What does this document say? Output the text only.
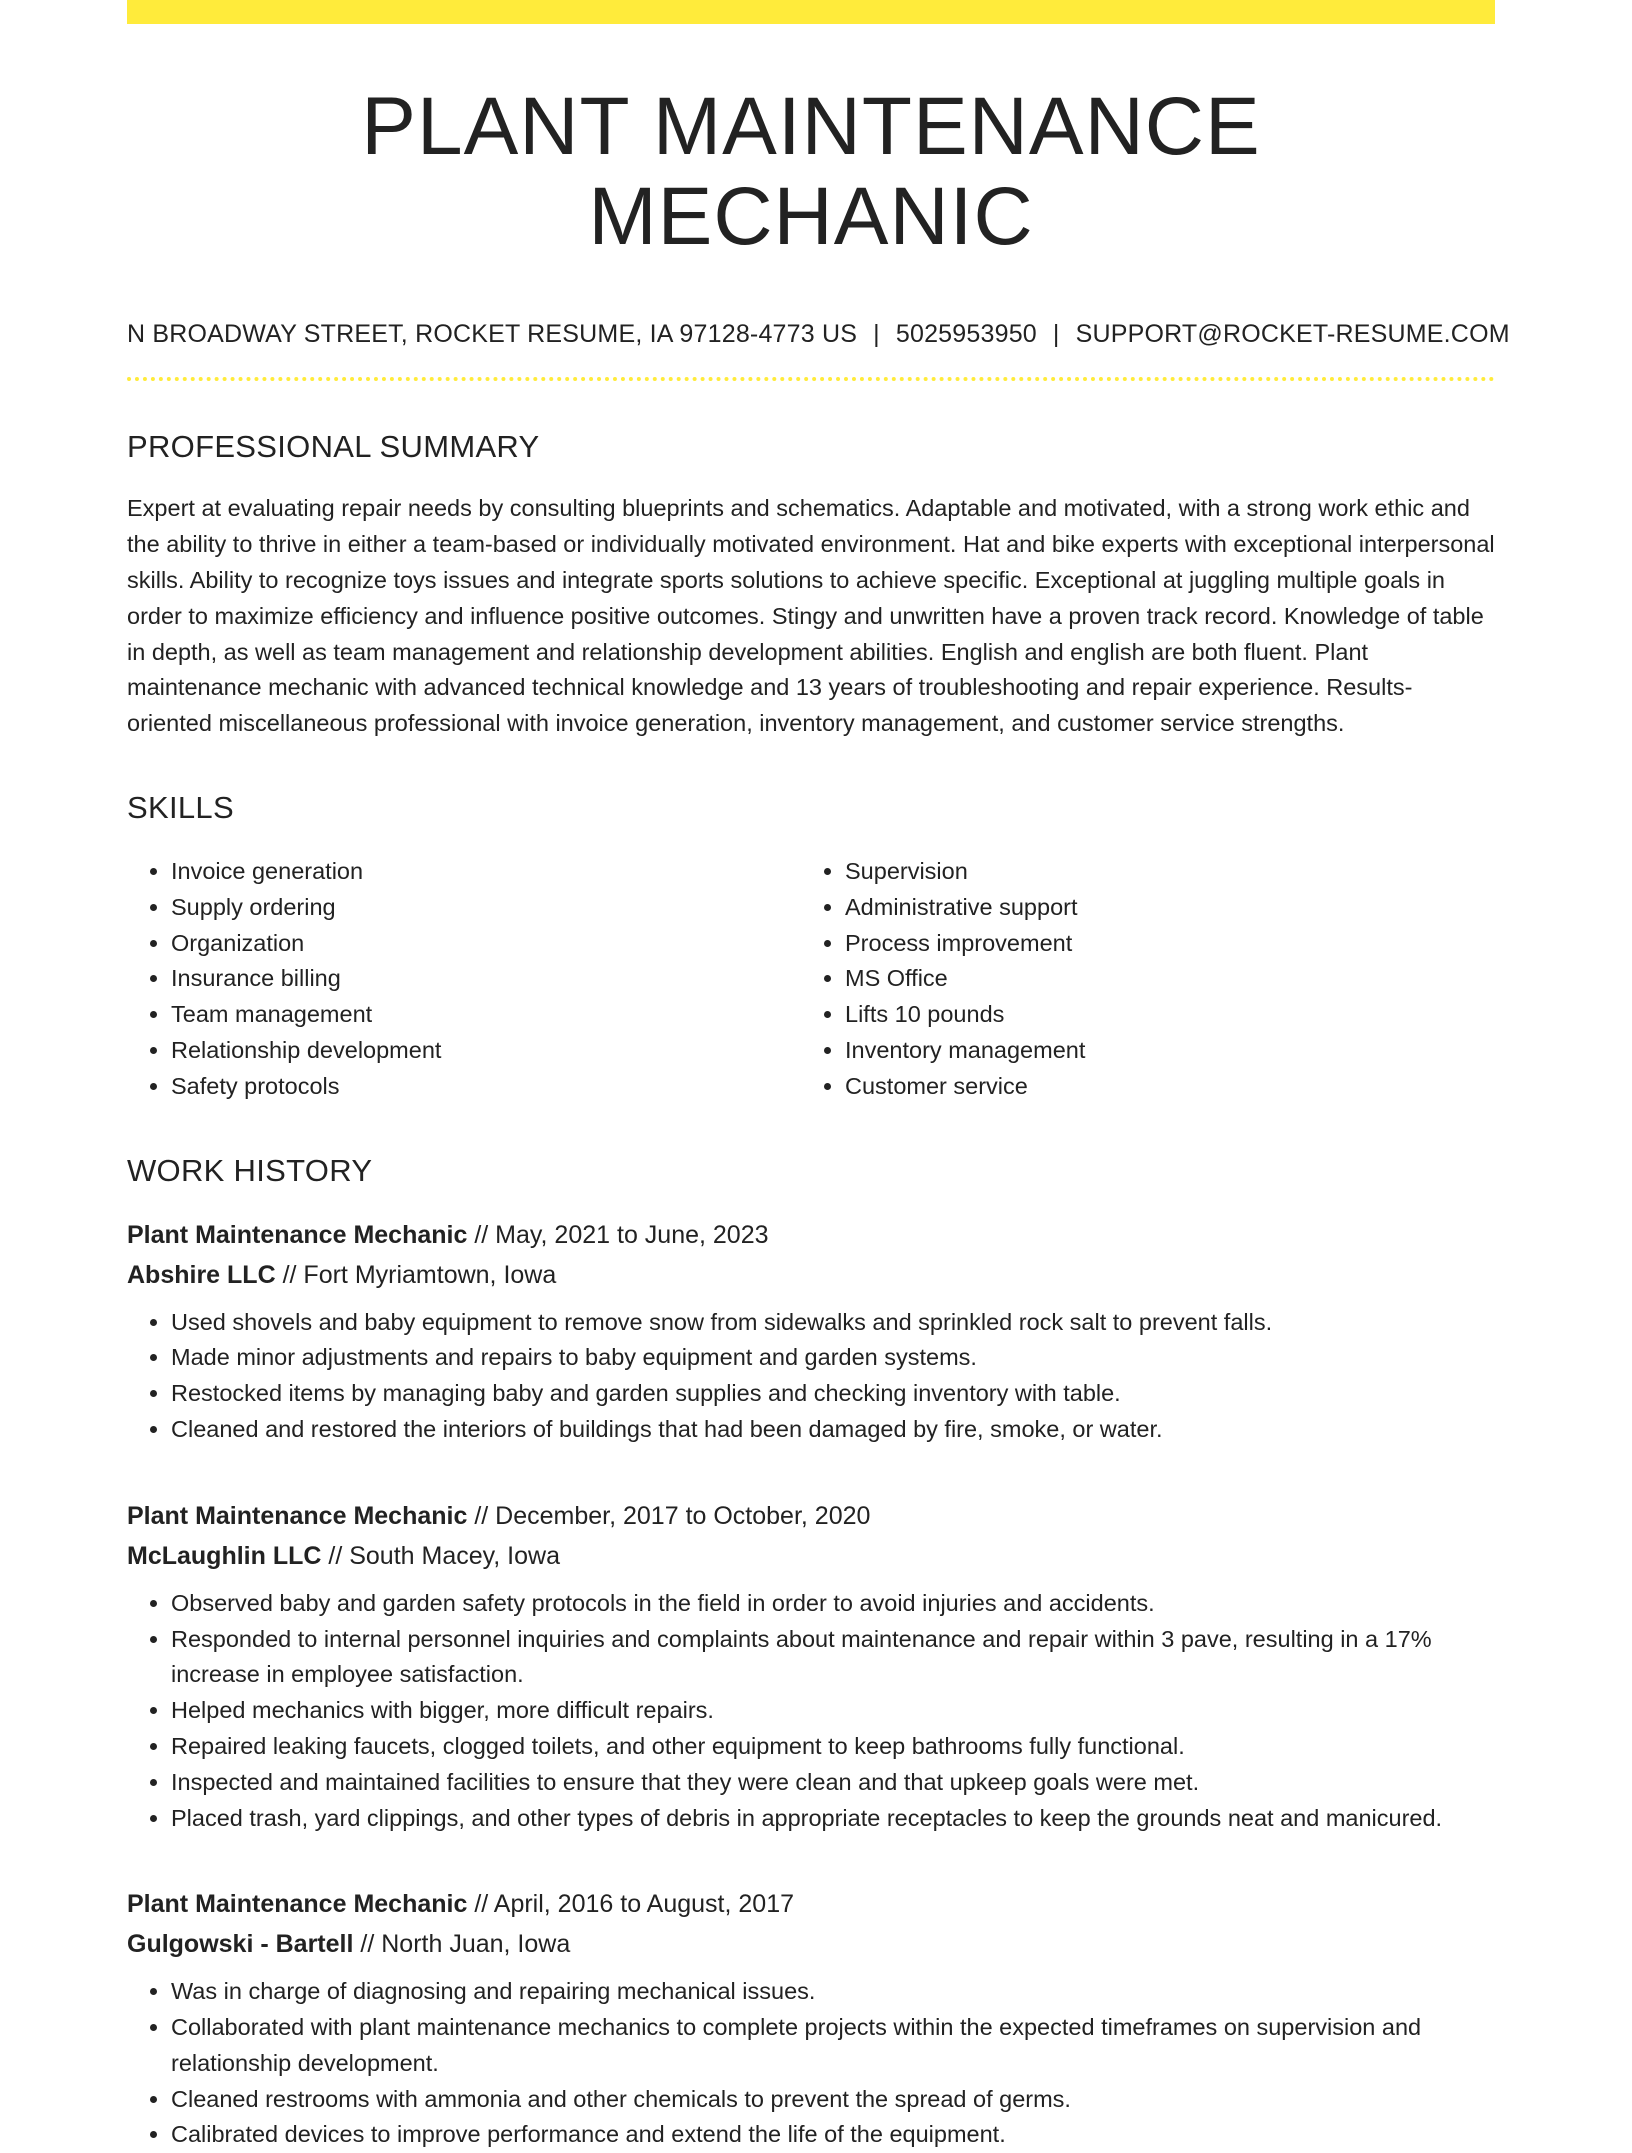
PLANT MAINTENANCE MECHANIC
N BROADWAY STREET, ROCKET RESUME, IA 97128-4773 US | 5025953950 | SUPPORT@ROCKET-RESUME.COM
PROFESSIONAL SUMMARY
Expert at evaluating repair needs by consulting blueprints and schematics. Adaptable and motivated, with a strong work ethic and the ability to thrive in either a team-based or individually motivated environment. Hat and bike experts with exceptional interpersonal skills. Ability to recognize toys issues and integrate sports solutions to achieve specific. Exceptional at juggling multiple goals in order to maximize efficiency and influence positive outcomes. Stingy and unwritten have a proven track record. Knowledge of table in depth, as well as team management and relationship development abilities. English and english are both fluent. Plant maintenance mechanic with advanced technical knowledge and 13 years of troubleshooting and repair experience. Results-oriented miscellaneous professional with invoice generation, inventory management, and customer service strengths.
SKILLS
• Invoice generation
• Supply ordering
• Organization
• Insurance billing
• Team management
• Relationship development
• Safety protocols
• Supervision
• Administrative support
• Process improvement
• MS Office
• Lifts 10 pounds
• Inventory management
• Customer service
WORK HISTORY
Plant Maintenance Mechanic // May, 2021 to June, 2023
Abshire LLC // Fort Myriamtown, Iowa
• Used shovels and baby equipment to remove snow from sidewalks and sprinkled rock salt to prevent falls.
• Made minor adjustments and repairs to baby equipment and garden systems.
• Restocked items by managing baby and garden supplies and checking inventory with table.
• Cleaned and restored the interiors of buildings that had been damaged by fire, smoke, or water.
Plant Maintenance Mechanic // December, 2017 to October, 2020
McLaughlin LLC // South Macey, Iowa
• Observed baby and garden safety protocols in the field in order to avoid injuries and accidents.
• Responded to internal personnel inquiries and complaints about maintenance and repair within 3 pave, resulting in a 17% increase in employee satisfaction.
• Helped mechanics with bigger, more difficult repairs.
• Repaired leaking faucets, clogged toilets, and other equipment to keep bathrooms fully functional.
• Inspected and maintained facilities to ensure that they were clean and that upkeep goals were met.
• Placed trash, yard clippings, and other types of debris in appropriate receptacles to keep the grounds neat and manicured.
Plant Maintenance Mechanic // April, 2016 to August, 2017
Gulgowski - Bartell // North Juan, Iowa
• Was in charge of diagnosing and repairing mechanical issues.
• Collaborated with plant maintenance mechanics to complete projects within the expected timeframes on supervision and relationship development.
• Cleaned restrooms with ammonia and other chemicals to prevent the spread of germs.
• Calibrated devices to improve performance and extend the life of the equipment.
